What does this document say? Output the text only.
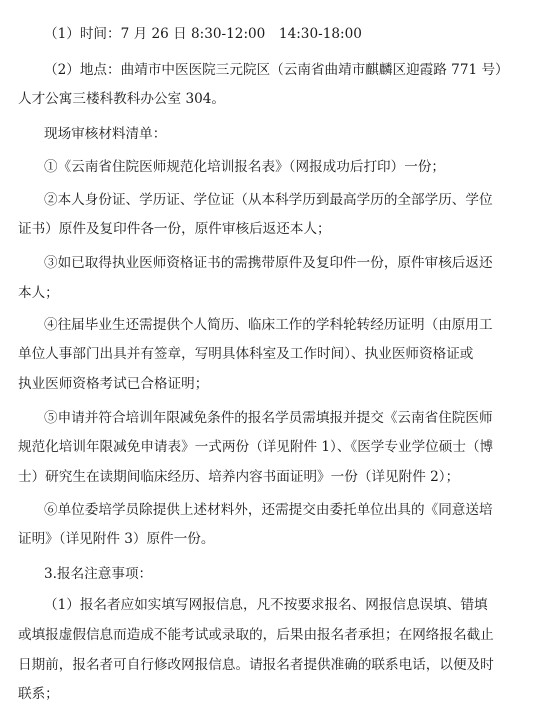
（1）时间：7 月 26 日 8:30-12:00　14:30-18:00
（2）地点：曲靖市中医医院三元院区（云南省曲靖市麒麟区迎霞路 771 号）
人才公寓三楼科教科办公室 304。
现场审核材料清单：
①《云南省住院医师规范化培训报名表》（网报成功后打印）一份；
②本人身份证、学历证、学位证（从本科学历到最高学历的全部学历、学位
证书）原件及复印件各一份，原件审核后返还本人；
③如已取得执业医师资格证书的需携带原件及复印件一份，原件审核后返还
本人；
④往届毕业生还需提供个人简历、临床工作的学科轮转经历证明（由原用工
单位人事部门出具并有签章，写明具体科室及工作时间）、执业医师资格证或
执业医师资格考试已合格证明；
⑤申请并符合培训年限减免条件的报名学员需填报并提交《云南省住院医师
规范化培训年限减免申请表》一式两份（详见附件 1）、《医学专业学位硕士（博
士）研究生在读期间临床经历、培养内容书面证明》一份（详见附件 2）；
⑥单位委培学员除提供上述材料外，还需提交由委托单位出具的《同意送培
证明》（详见附件 3）原件一份。
3.报名注意事项：
（1）报名者应如实填写网报信息，凡不按要求报名、网报信息误填、错填
或填报虚假信息而造成不能考试或录取的，后果由报名者承担；在网络报名截止
日期前，报名者可自行修改网报信息。请报名者提供准确的联系电话，以便及时
联系；
